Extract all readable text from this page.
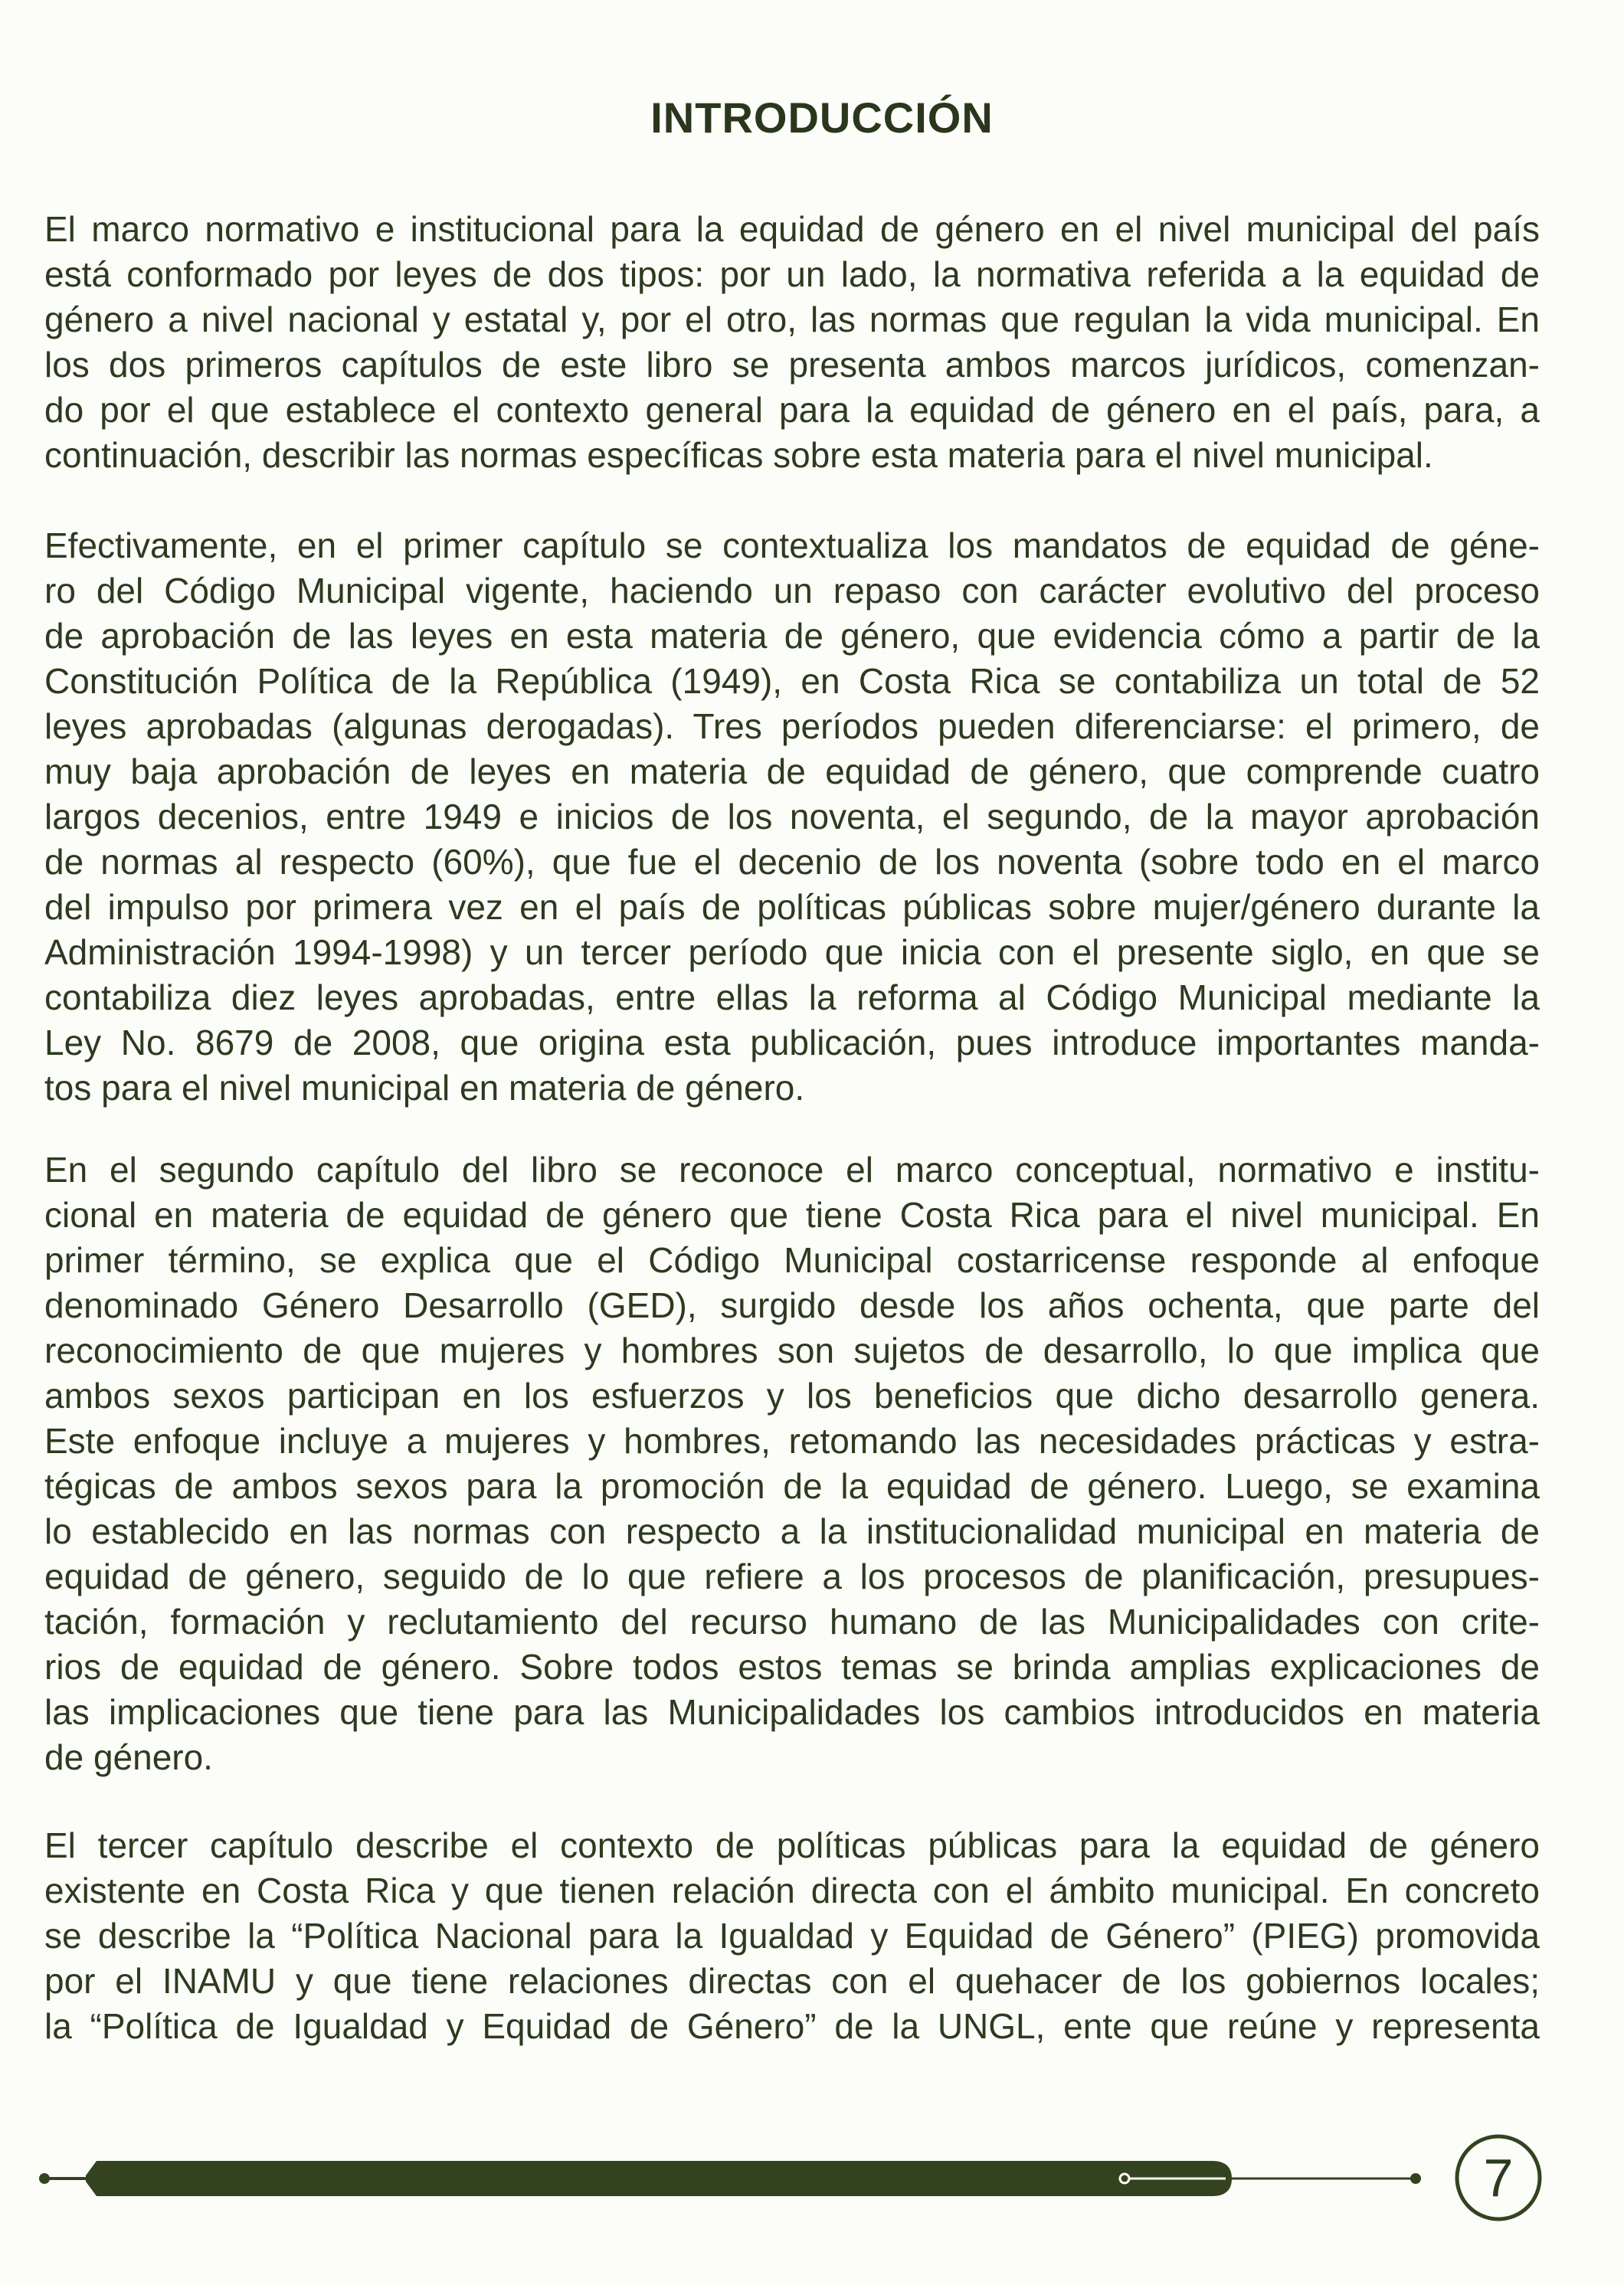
INTRODUCCIÓN
El marco normativo e institucional para la equidad de género en el nivel municipal del país
está conformado por leyes de dos tipos: por un lado, la normativa referida a la equidad de
género a nivel nacional y estatal y, por el otro, las normas que regulan la vida municipal. En
los dos primeros capítulos de este libro se presenta ambos marcos jurídicos, comenzan-
do por el que establece el contexto general para la equidad de género en el país, para, a
continuación, describir las normas específicas sobre esta materia para el nivel municipal.
Efectivamente, en el primer capítulo se contextualiza los mandatos de equidad de géne-
ro del Código Municipal vigente, haciendo un repaso con carácter evolutivo del proceso
de aprobación de las leyes en esta materia de género, que evidencia cómo a partir de la
Constitución Política de la República (1949), en Costa Rica se contabiliza un total de 52
leyes aprobadas (algunas derogadas). Tres períodos pueden diferenciarse: el primero, de
muy baja aprobación de leyes en materia de equidad de género, que comprende cuatro
largos decenios, entre 1949 e inicios de los noventa, el segundo, de la mayor aprobación
de normas al respecto (60%), que fue el decenio de los noventa (sobre todo en el marco
del impulso por primera vez en el país de políticas públicas sobre mujer/género durante la
Administración 1994-1998) y un tercer período que inicia con el presente siglo, en que se
contabiliza diez leyes aprobadas, entre ellas la reforma al Código Municipal mediante la
Ley No. 8679 de 2008, que origina esta publicación, pues introduce importantes manda-
tos para el nivel municipal en materia de género.
En el segundo capítulo del libro se reconoce el marco conceptual, normativo e institu-
cional en materia de equidad de género que tiene Costa Rica para el nivel municipal. En
primer término, se explica que el Código Municipal costarricense responde al enfoque
denominado Género Desarrollo (GED), surgido desde los años ochenta, que parte del
reconocimiento de que mujeres y hombres son sujetos de desarrollo, lo que implica que
ambos sexos participan en los esfuerzos y los beneficios que dicho desarrollo genera.
Este enfoque incluye a mujeres y hombres, retomando las necesidades prácticas y estra-
tégicas de ambos sexos para la promoción de la equidad de género. Luego, se examina
lo establecido en las normas con respecto a la institucionalidad municipal en materia de
equidad de género, seguido de lo que refiere a los procesos de planificación, presupues-
tación, formación y reclutamiento del recurso humano de las Municipalidades con crite-
rios de equidad de género. Sobre todos estos temas se brinda amplias explicaciones de
las implicaciones que tiene para las Municipalidades los cambios introducidos en materia
de género.
El tercer capítulo describe el contexto de políticas públicas para la equidad de género
existente en Costa Rica y que tienen relación directa con el ámbito municipal. En concreto
se describe la “Política Nacional para la Igualdad y Equidad de Género” (PIEG) promovida
por el INAMU y que tiene relaciones directas con el quehacer de los gobiernos locales;
la “Política de Igualdad y Equidad de Género” de la UNGL, ente que reúne y representa
7
